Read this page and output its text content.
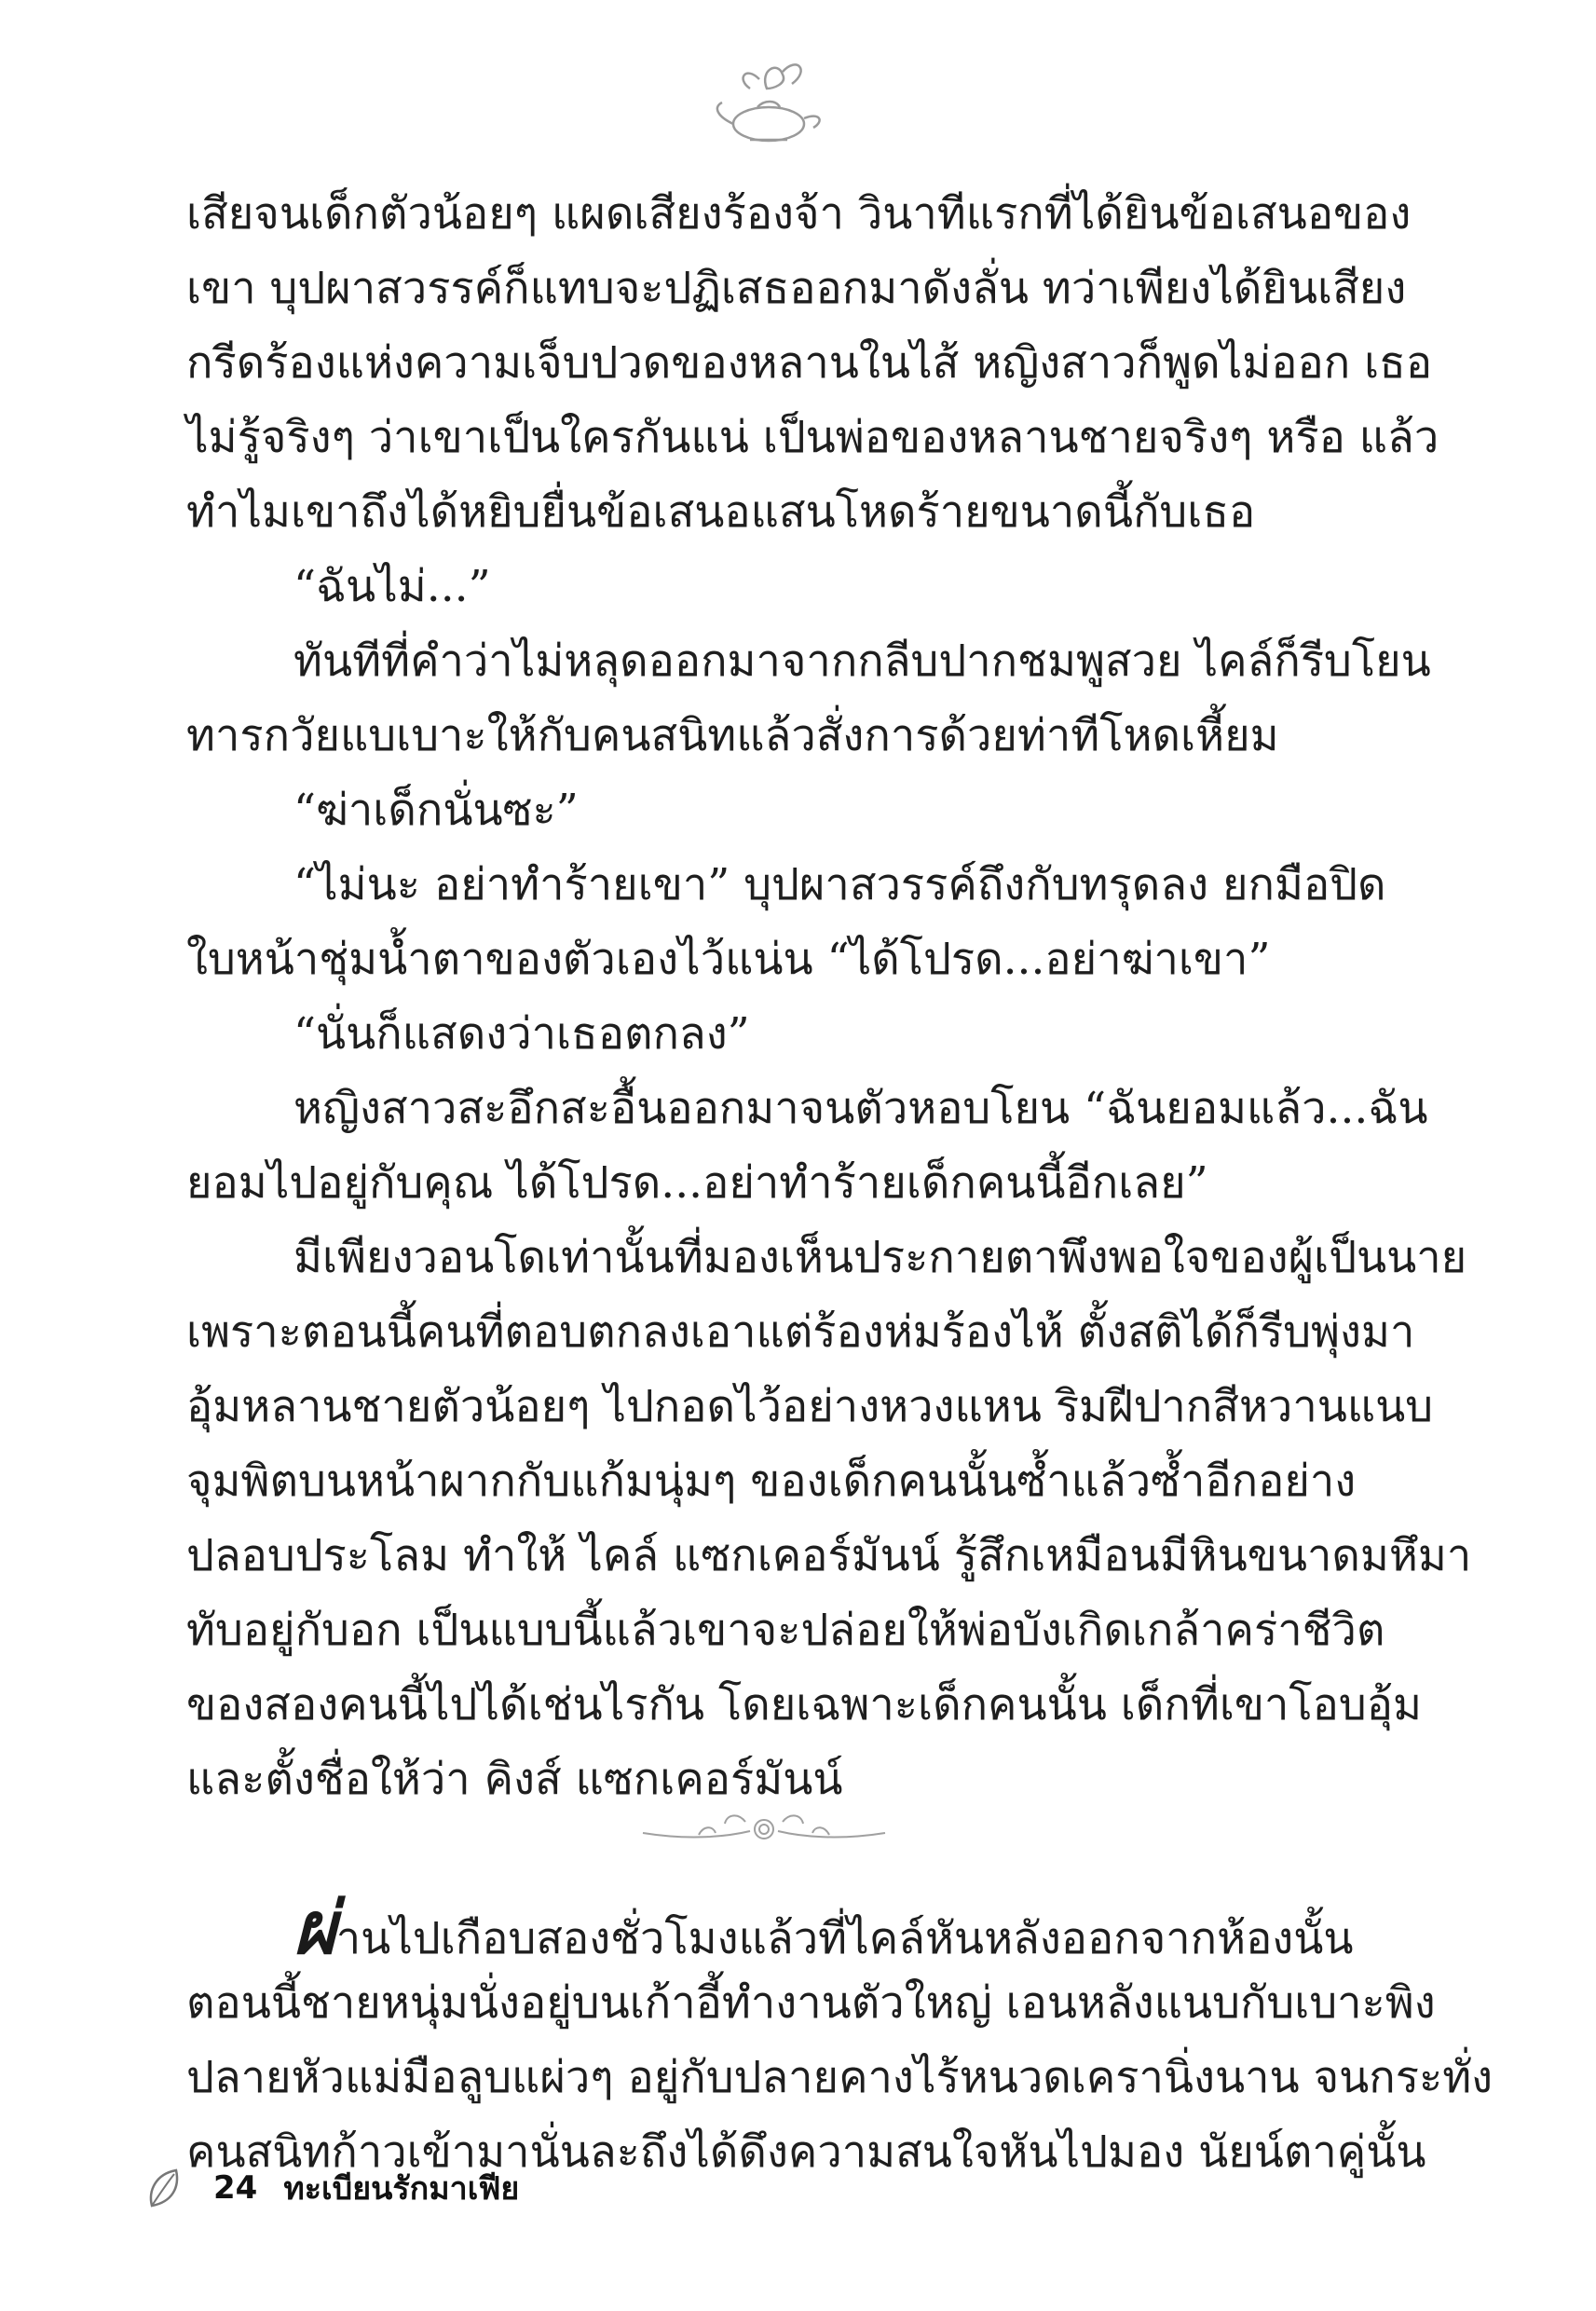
เสียจนเด็กตัวน้อยๆ แผดเสียงร้องจ้า วินาทีแรกที่ได้ยินข้อเสนอของ
เขา บุปผาสวรรค์ก็แทบจะปฏิเสธออกมาดังลั่น ทว่าเพียงได้ยินเสียง
กรีดร้องแห่งความเจ็บปวดของหลานในไส้ หญิงสาวก็พูดไม่ออก เธอ
ไม่รู้จริงๆ ว่าเขาเป็นใครกันแน่ เป็นพ่อของหลานชายจริงๆ หรือ แล้ว
ทำไมเขาถึงได้หยิบยื่นข้อเสนอแสนโหดร้ายขนาดนี้กับเธอ
“ฉันไม่...”
ทันทีที่คำว่าไม่หลุดออกมาจากกลีบปากชมพูสวย ไคล์ก็รีบโยน
ทารกวัยแบเบาะให้กับคนสนิทแล้วสั่งการด้วยท่าทีโหดเหี้ยม
“ฆ่าเด็กนั่นซะ”
“ไม่นะ อย่าทำร้ายเขา” บุปผาสวรรค์ถึงกับทรุดลง ยกมือปิด
ใบหน้าชุ่มน้ำตาของตัวเองไว้แน่น “ได้โปรด...อย่าฆ่าเขา”
“นั่นก็แสดงว่าเธอตกลง”
หญิงสาวสะอึกสะอื้นออกมาจนตัวหอบโยน “ฉันยอมแล้ว...ฉัน
ยอมไปอยู่กับคุณ ได้โปรด...อย่าทำร้ายเด็กคนนี้อีกเลย”
มีเพียงวอนโดเท่านั้นที่มองเห็นประกายตาพึงพอใจของผู้เป็นนาย
เพราะตอนนี้คนที่ตอบตกลงเอาแต่ร้องห่มร้องไห้ ตั้งสติได้ก็รีบพุ่งมา
อุ้มหลานชายตัวน้อยๆ ไปกอดไว้อย่างหวงแหน ริมฝีปากสีหวานแนบ
จุมพิตบนหน้าผากกับแก้มนุ่มๆ ของเด็กคนนั้นซ้ำแล้วซ้ำอีกอย่าง
ปลอบประโลม ทำให้ ไคล์ แซกเคอร์มันน์ รู้สึกเหมือนมีหินขนาดมหึมา
ทับอยู่กับอก เป็นแบบนี้แล้วเขาจะปล่อยให้พ่อบังเกิดเกล้าคร่าชีวิต
ของสองคนนี้ไปได้เช่นไรกัน โดยเฉพาะเด็กคนนั้น เด็กที่เขาโอบอุ้ม
และตั้งชื่อให้ว่า คิงส์ แซกเคอร์มันน์
ผ่านไปเกือบสองชั่วโมงแล้วที่ไคล์หันหลังออกจากห้องนั้น
ตอนนี้ชายหนุ่มนั่งอยู่บนเก้าอี้ทำงานตัวใหญ่ เอนหลังแนบกับเบาะพิง
ปลายหัวแม่มือลูบแผ่วๆ อยู่กับปลายคางไร้หนวดเครานิ่งนาน จนกระทั่ง
คนสนิทก้าวเข้ามานั่นละถึงได้ดึงความสนใจหันไปมอง นัยน์ตาคู่นั้น
24 ทะเบียนรักมาเฟีย
